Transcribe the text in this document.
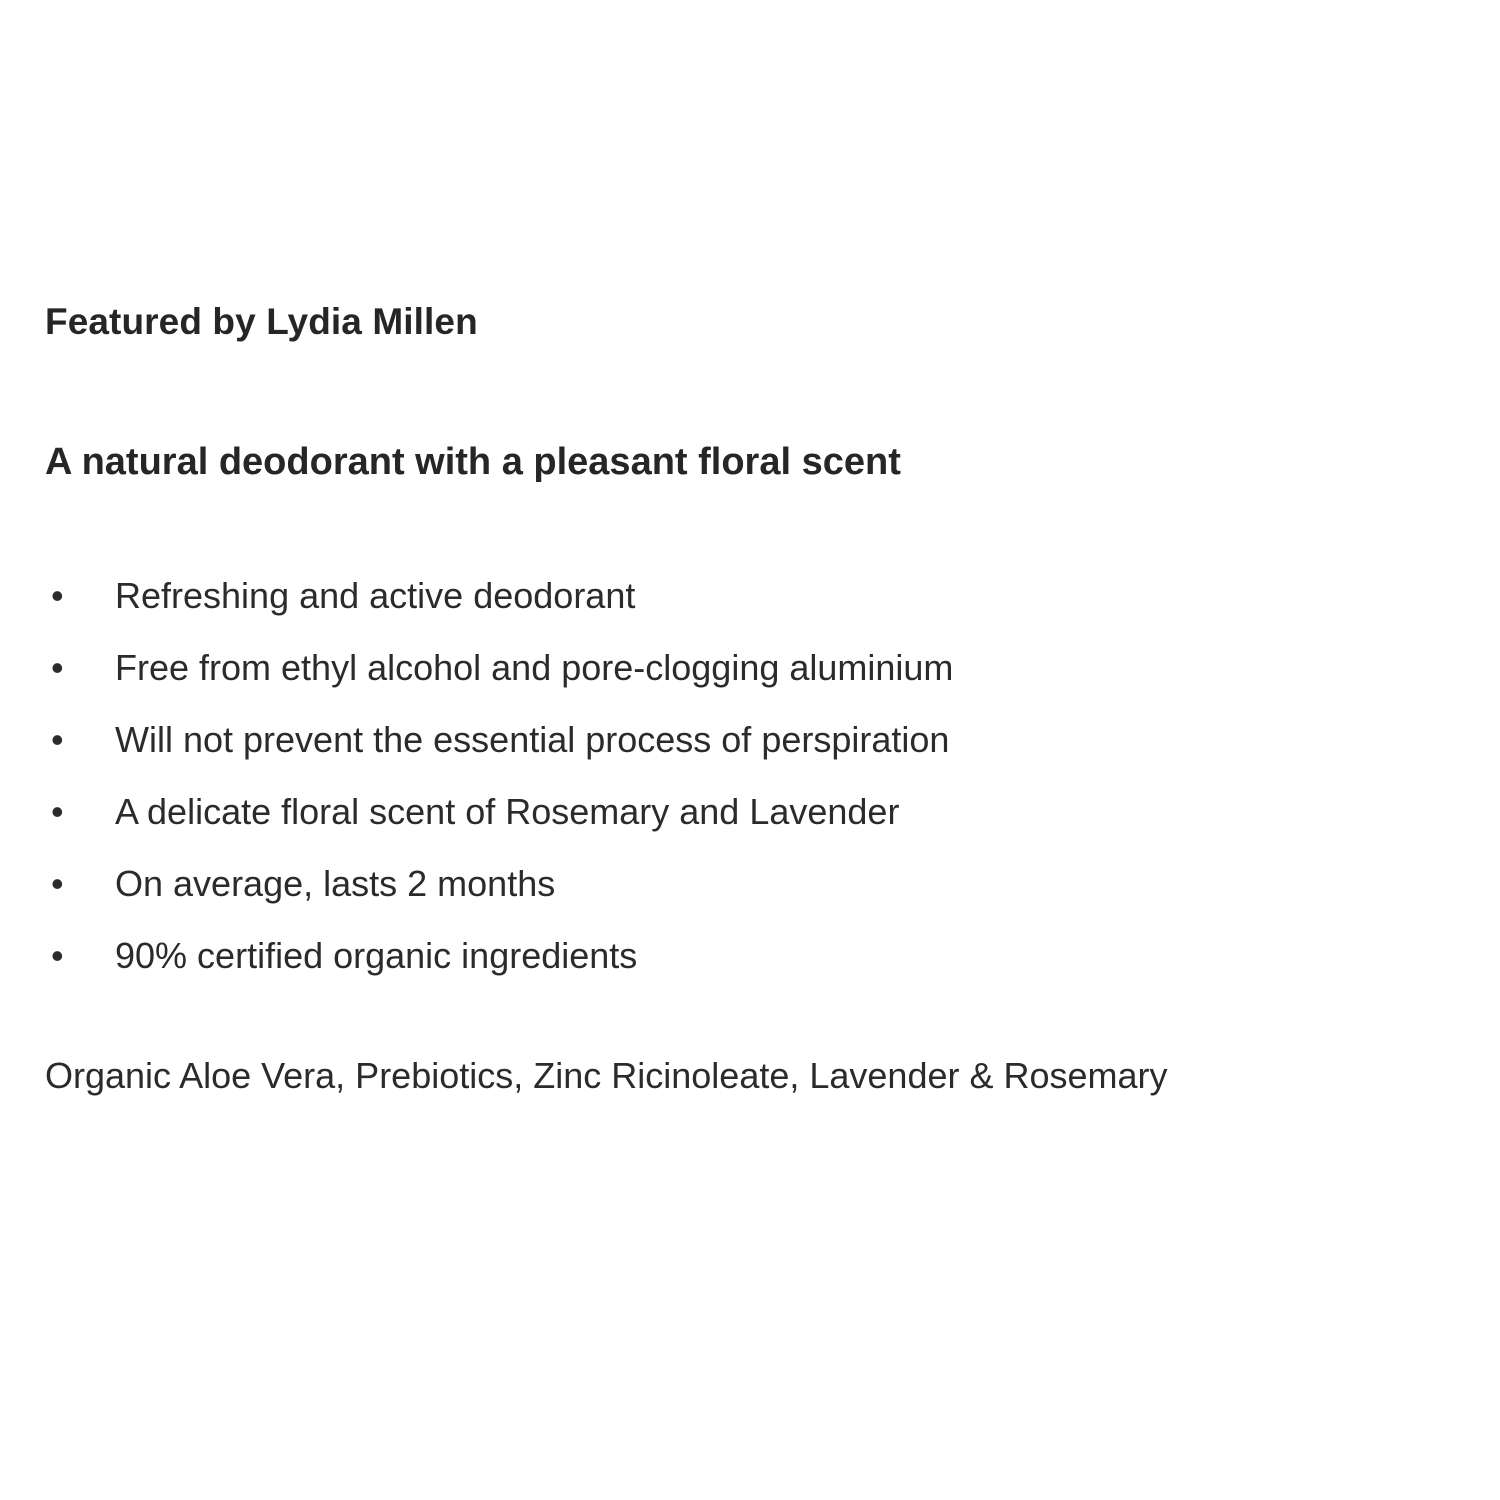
Featured by Lydia Millen

A natural deodorant with a pleasant floral scent

• Refreshing and active deodorant
• Free from ethyl alcohol and pore-clogging aluminium
• Will not prevent the essential process of perspiration
• A delicate floral scent of Rosemary and Lavender
• On average, lasts 2 months
• 90% certified organic ingredients

Organic Aloe Vera, Prebiotics, Zinc Ricinoleate, Lavender & Rosemary
